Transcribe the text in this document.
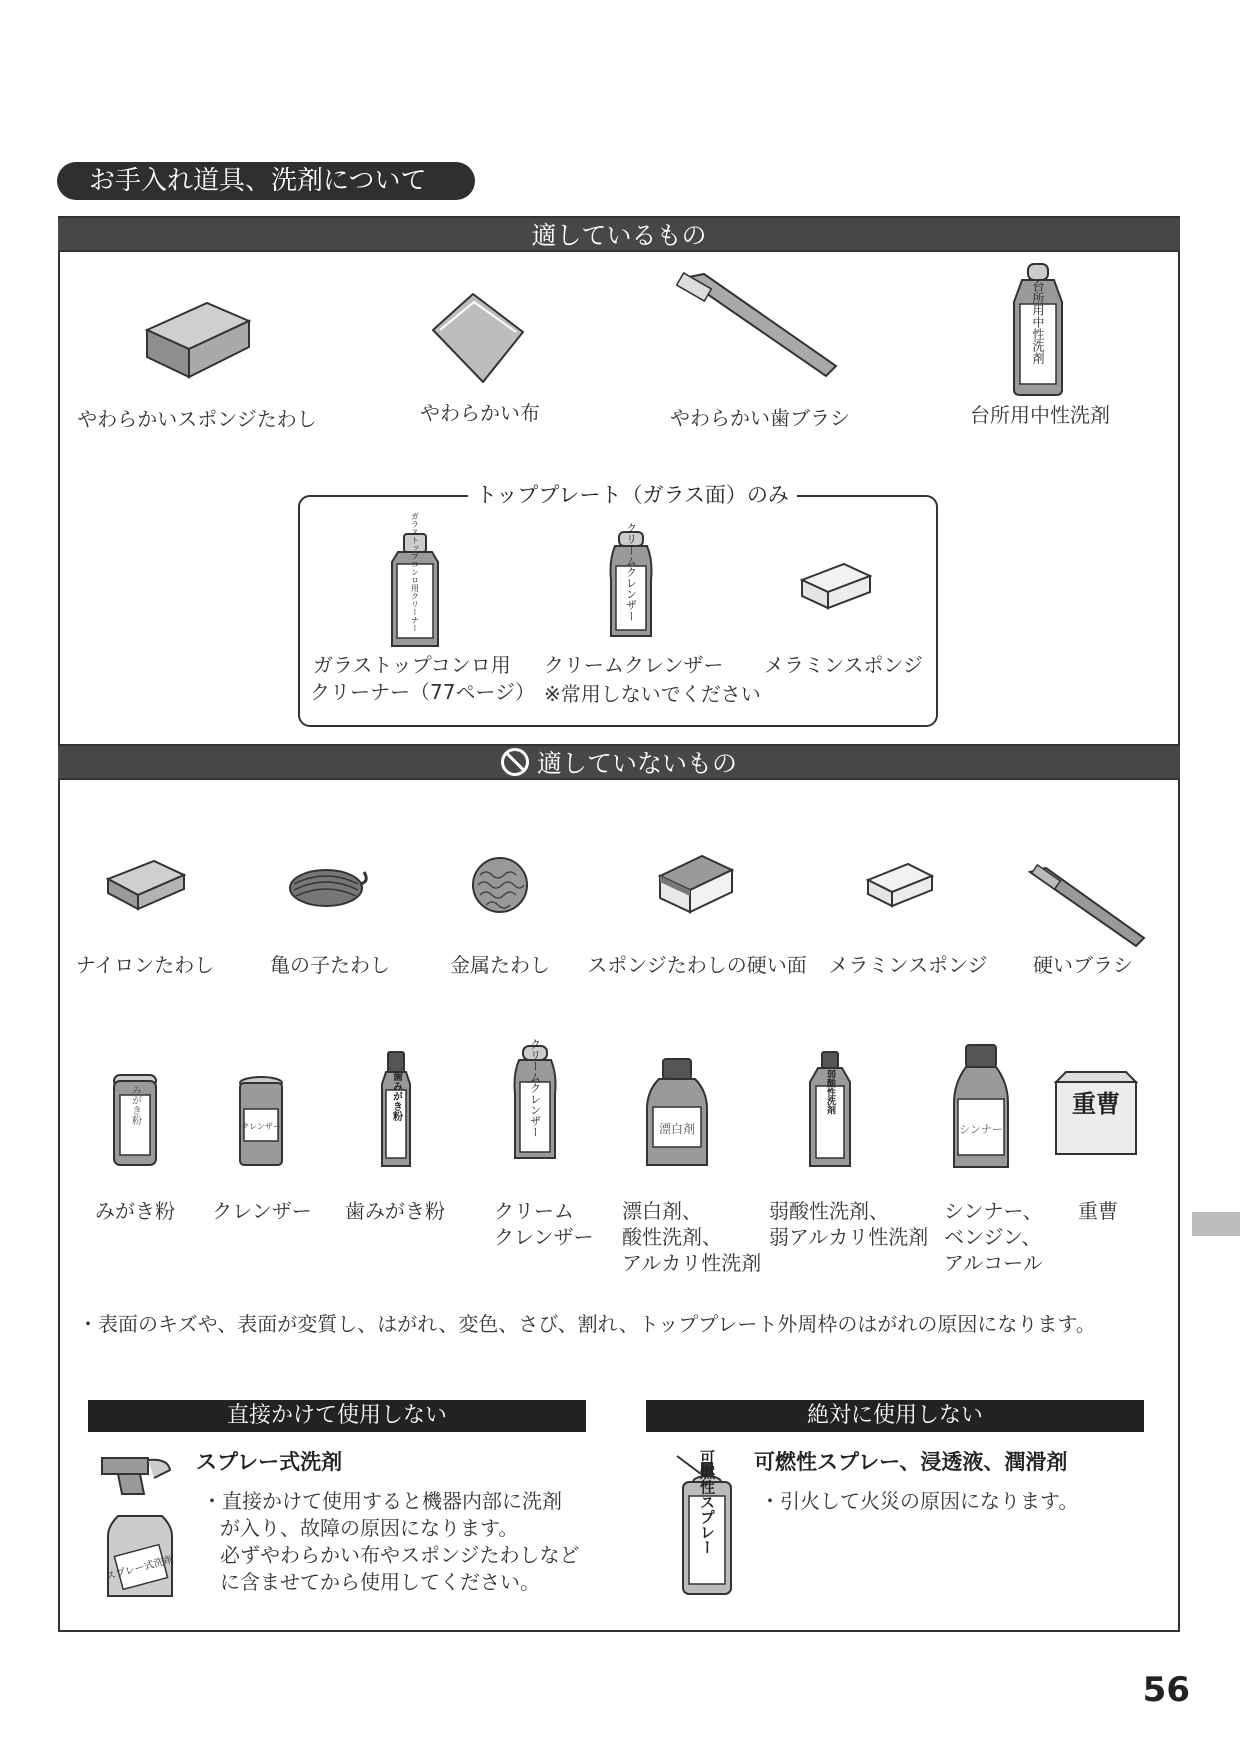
お手入れ道具、洗剤について
適しているもの
台所用中性洗剤
やわらかいスポンジたわし	やわらかい布	やわらかい歯ブラシ	台所用中性洗剤
トッププレート（ガラス面）のみ
ガラストップコンロ用クリーナー	クリームクレンザー
ガラストップコンロ用
クリーナー（77ページ）
クリームクレンザー
※常用しないでください
メラミンスポンジ
適していないもの
ナイロンたわし	亀の子たわし	金属たわし	スポンジたわしの硬い面	メラミンスポンジ	硬いブラシ
みがき粉
クレンザー
歯みがき粉	クリームクレンザー	漂白剤
弱酸性洗剤
シンナー
重曹
みがき粉	クレンザー	歯みがき粉	クリーム
クレンザー
漂白剤、
酸性洗剤、
アルカリ性洗剤
弱酸性洗剤、
弱アルカリ性洗剤
シンナー、
ベンジン、
アルコール
重曹
・表面のキズや、表面が変質し、はがれ、変色、さび、割れ、トッププレート外周枠のはがれの原因になります。
直接かけて使用しない
スプレー式洗剤
スプレー式洗剤
・直接かけて使用すると機器内部に洗剤
が入り、故障の原因になります。
必ずやわらかい布やスポンジたわしなど
に含ませてから使用してください。
絶対に使用しない
可燃性スプレー 可燃性スプレー、浸透液、潤滑剤
・引火して火災の原因になります。
56
